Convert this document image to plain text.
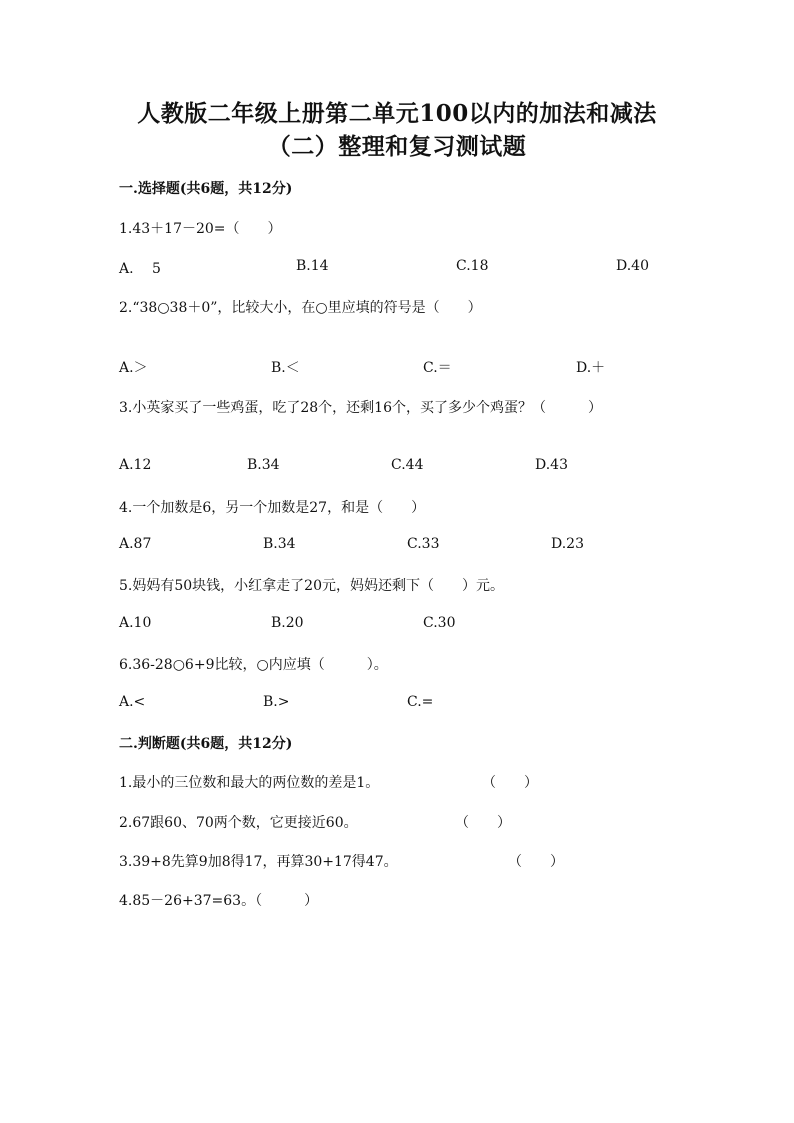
人教版二年级上册第二单元100以内的加法和减法
（二）整理和复习测试题
一.选择题(共6题，共12分)
1.43＋17－20=（　　）
A.　 5	B.14	C.18	D.40
2.“38○38＋0”，比较大小，在○里应填的符号是（　　）
A.＞	B.＜	C.＝	D.＋
3.小英家买了一些鸡蛋，吃了28个，还剩16个，买了多少个鸡蛋？（　　　）
A.12	B.34	C.44	D.43
4.一个加数是6，另一个加数是27，和是（　　）
A.87	B.34	C.33	D.23
5.妈妈有50块钱，小红拿走了20元，妈妈还剩下（　　）元。
A.10	B.20	C.30
6.36-28○6+9比较，○内应填（　　　）。
A.<	B.>	C.=
二.判断题(共6题，共12分)
1.最小的三位数和最大的两位数的差是1。	（　　）
2.67跟60、70两个数，它更接近60。	（　　）
3.39+8先算9加8得17，再算30+17得47。	（　　）
4.85－26+37=63。（　　　）
